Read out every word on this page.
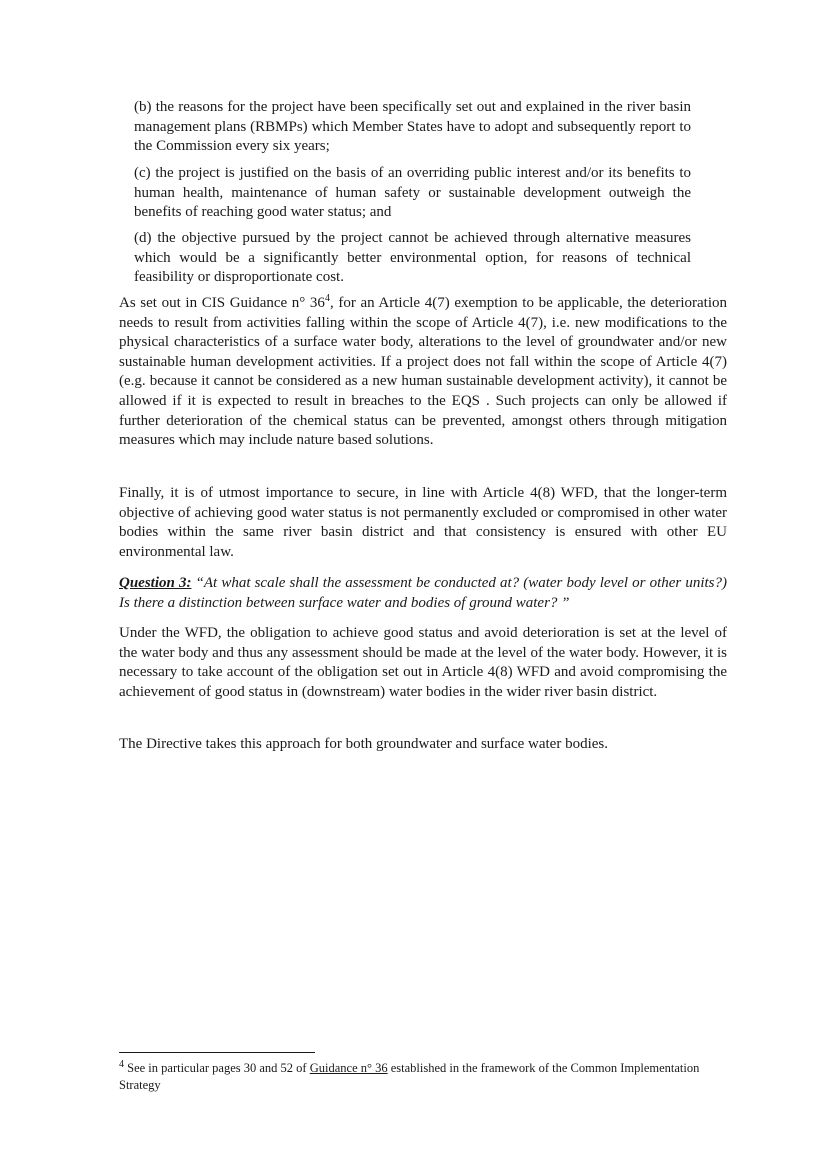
(b) the reasons for the project have been specifically set out and explained in the river basin management plans (RBMPs) which Member States have to adopt and subsequently report to the Commission every six years;

(c) the project is justified on the basis of an overriding public interest and/or its benefits to human health, maintenance of human safety or sustainable development outweigh the benefits of reaching good water status; and

(d) the objective pursued by the project cannot be achieved through alternative measures which would be a significantly better environmental option, for reasons of technical feasibility or disproportionate cost.

As set out in CIS Guidance n° $36^4$, for an Article 4(7) exemption to be applicable, the deterioration needs to result from activities falling within the scope of Article 4(7), i.e. new modifications to the physical characteristics of a surface water body, alterations to the level of groundwater and/or new sustainable human development activities. If a project does not fall within the scope of Article 4(7) (e.g. because it cannot be considered as a new human sustainable development activity), it cannot be allowed if it is expected to result in breaches to the EQS . Such projects can only be allowed if further deterioration of the chemical status can be prevented, amongst others through mitigation measures which may include nature based solutions.

Finally, it is of utmost importance to secure, in line with Article 4(8) WFD, that the longer-term objective of achieving good water status is not permanently excluded or compromised in other water bodies within the same river basin district and that consistency is ensured with other EU environmental law.

Question 3: “At what scale shall the assessment be conducted at? (water body level or other units?) Is there a distinction between surface water and bodies of ground water? ”

Under the WFD, the obligation to achieve good status and avoid deterioration is set at the level of the water body and thus any assessment should be made at the level of the water body. However, it is necessary to take account of the obligation set out in Article 4(8) WFD and avoid compromising the achievement of good status in (downstream) water bodies in the wider river basin district.

The Directive takes this approach for both groundwater and surface water bodies.

$^4$ See in particular pages 30 and 52 of Guidance n° 36 established in the framework of the Common Implementation Strategy
